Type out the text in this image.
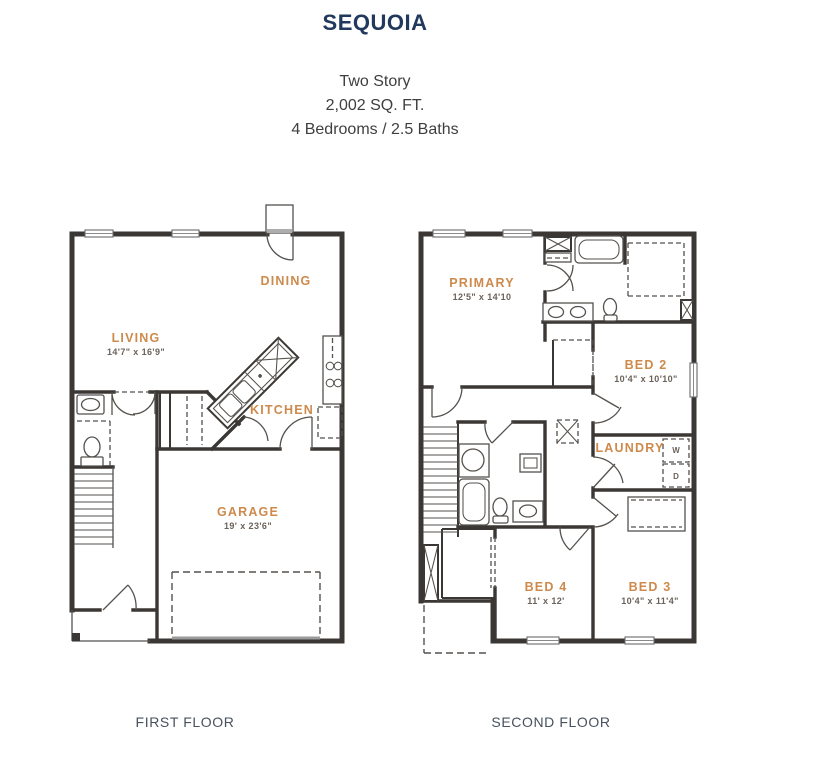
SEQUOIA

Two Story

2,002 SQ. FT.

4 Bedrooms / 2.5 Baths

DINING
LIVING
14'7" x 16'9"
KITCHEN
GARAGE
19' x 23'6"
W
D
PRIMARY
12'5" x 14'10
BED 2
10'4" x 10'10"
LAUNDRY
BED 4
11' x 12'
BED 3
10'4" x 11'4"
FIRST FLOOR	SECOND FLOOR
